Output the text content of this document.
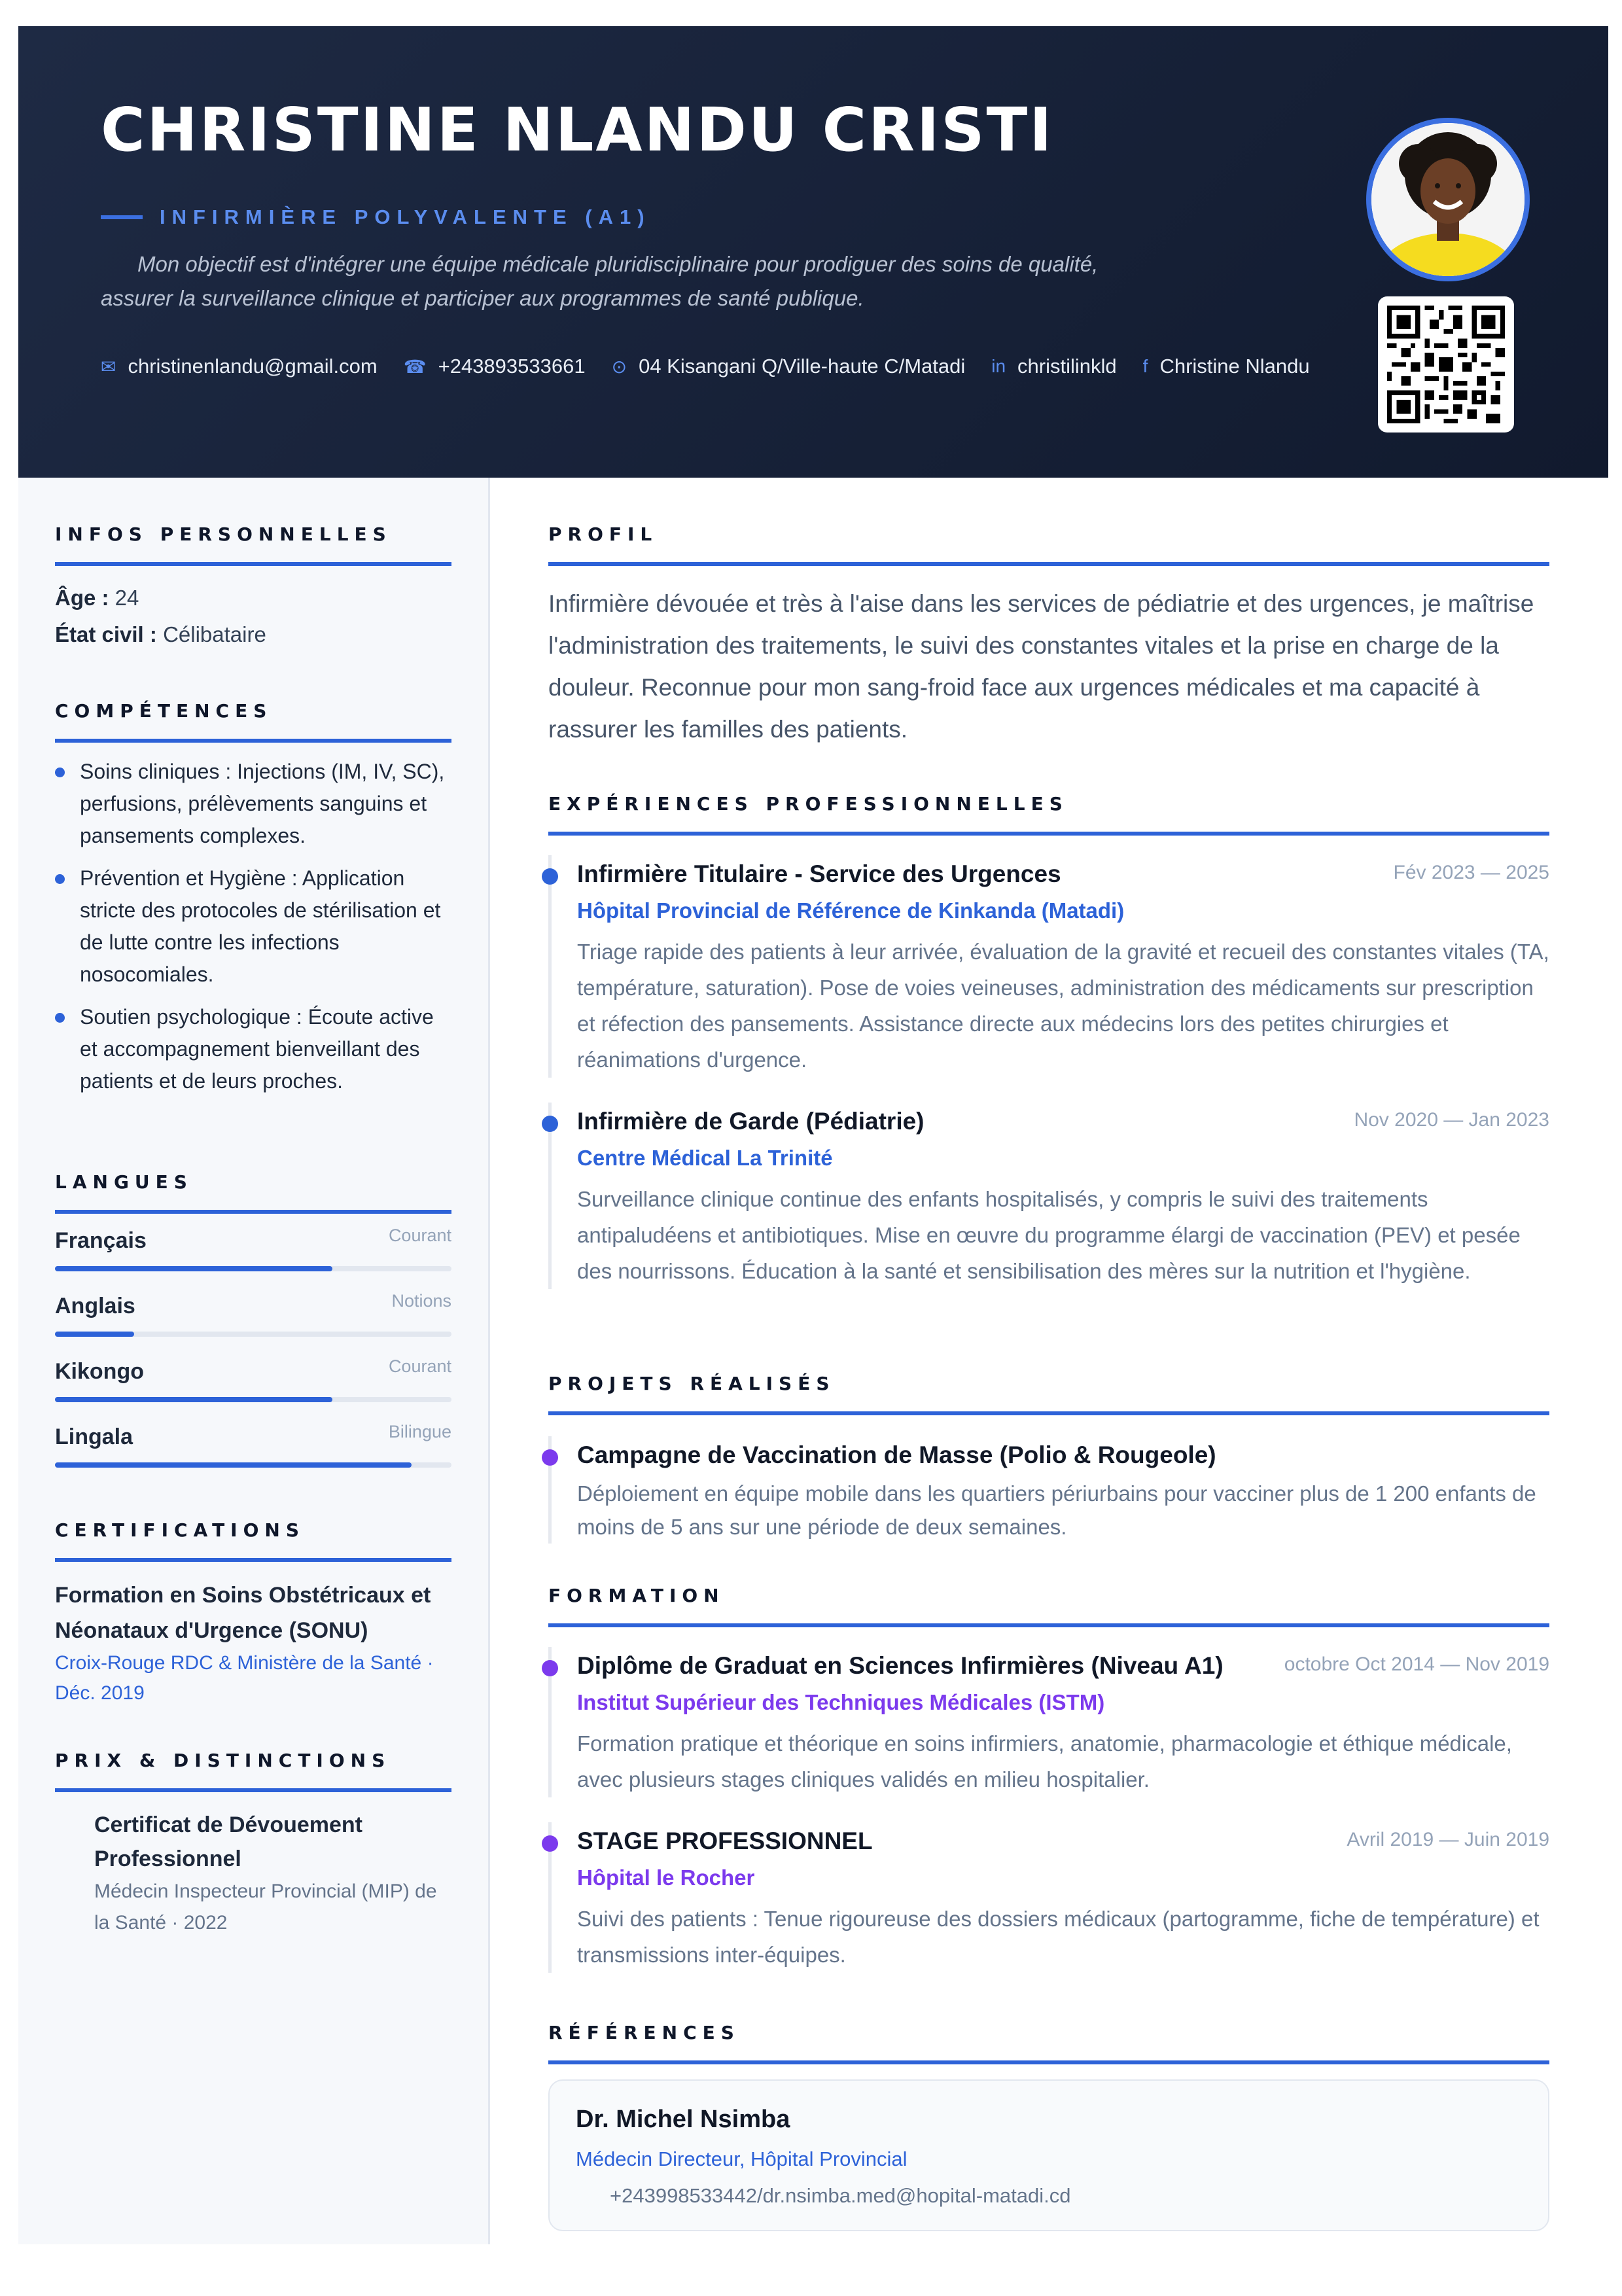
CHRISTINE NLANDU CRISTI
INFIRMIÈRE POLYVALENTE (A1)
Mon objectif est d'intégrer une équipe médicale pluridisciplinaire pour prodiguer des soins de qualité, assurer la surveillance clinique et participer aux programmes de santé publique.
✉ christinenlandu@gmail.com ☎ +243893533661 ⊙ 04 Kisangani Q/Ville-haute C/Matadi in christilinkld f Christine Nlandu
INFOS PERSONNELLES
Âge : 24
État civil : Célibataire
COMPÉTENCES
Soins cliniques : Injections (IM, IV, SC), perfusions, prélèvements sanguins et pansements complexes.
Prévention et Hygiène : Application stricte des protocoles de stérilisation et de lutte contre les infections nosocomiales.
Soutien psychologique : Écoute active et accompagnement bienveillant des patients et de leurs proches.
LANGUES
Français	Courant
Anglais	Notions
Kikongo	Courant
Lingala	Bilingue
CERTIFICATIONS
Formation en Soins Obstétricaux et Néonataux d'Urgence (SONU)
Croix-Rouge RDC & Ministère de la Santé · Déc. 2019
PRIX & DISTINCTIONS
Certificat de Dévouement Professionnel
Médecin Inspecteur Provincial (MIP) de la Santé · 2022
PROFIL
Infirmière dévouée et très à l'aise dans les services de pédiatrie et des urgences, je maîtrise l'administration des traitements, le suivi des constantes vitales et la prise en charge de la douleur. Reconnue pour mon sang-froid face aux urgences médicales et ma capacité à rassurer les familles des patients.
EXPÉRIENCES PROFESSIONNELLES
Infirmière Titulaire - Service des Urgences	Fév 2023 — 2025
Hôpital Provincial de Référence de Kinkanda (Matadi)
Triage rapide des patients à leur arrivée, évaluation de la gravité et recueil des constantes vitales (TA, température, saturation). Pose de voies veineuses, administration des médicaments sur prescription et réfection des pansements. Assistance directe aux médecins lors des petites chirurgies et réanimations d'urgence.
Infirmière de Garde (Pédiatrie)	Nov 2020 — Jan 2023
Centre Médical La Trinité
Surveillance clinique continue des enfants hospitalisés, y compris le suivi des traitements antipaludéens et antibiotiques. Mise en œuvre du programme élargi de vaccination (PEV) et pesée des nourrissons. Éducation à la santé et sensibilisation des mères sur la nutrition et l'hygiène.
PROJETS RÉALISÉS
Campagne de Vaccination de Masse (Polio & Rougeole)
Déploiement en équipe mobile dans les quartiers périurbains pour vacciner plus de 1 200 enfants de moins de 5 ans sur une période de deux semaines.
FORMATION
Diplôme de Graduat en Sciences Infirmières (Niveau A1)	octobre Oct 2014 — Nov 2019
Institut Supérieur des Techniques Médicales (ISTM)
Formation pratique et théorique en soins infirmiers, anatomie, pharmacologie et éthique médicale, avec plusieurs stages cliniques validés en milieu hospitalier.
STAGE PROFESSIONNEL	Avril 2019 — Juin 2019
Hôpital le Rocher
Suivi des patients : Tenue rigoureuse des dossiers médicaux (partogramme, fiche de température) et transmissions inter-équipes.
RÉFÉRENCES
Dr. Michel Nsimba
Médecin Directeur, Hôpital Provincial
+243998533442/dr.nsimba.med@hopital-matadi.cd
